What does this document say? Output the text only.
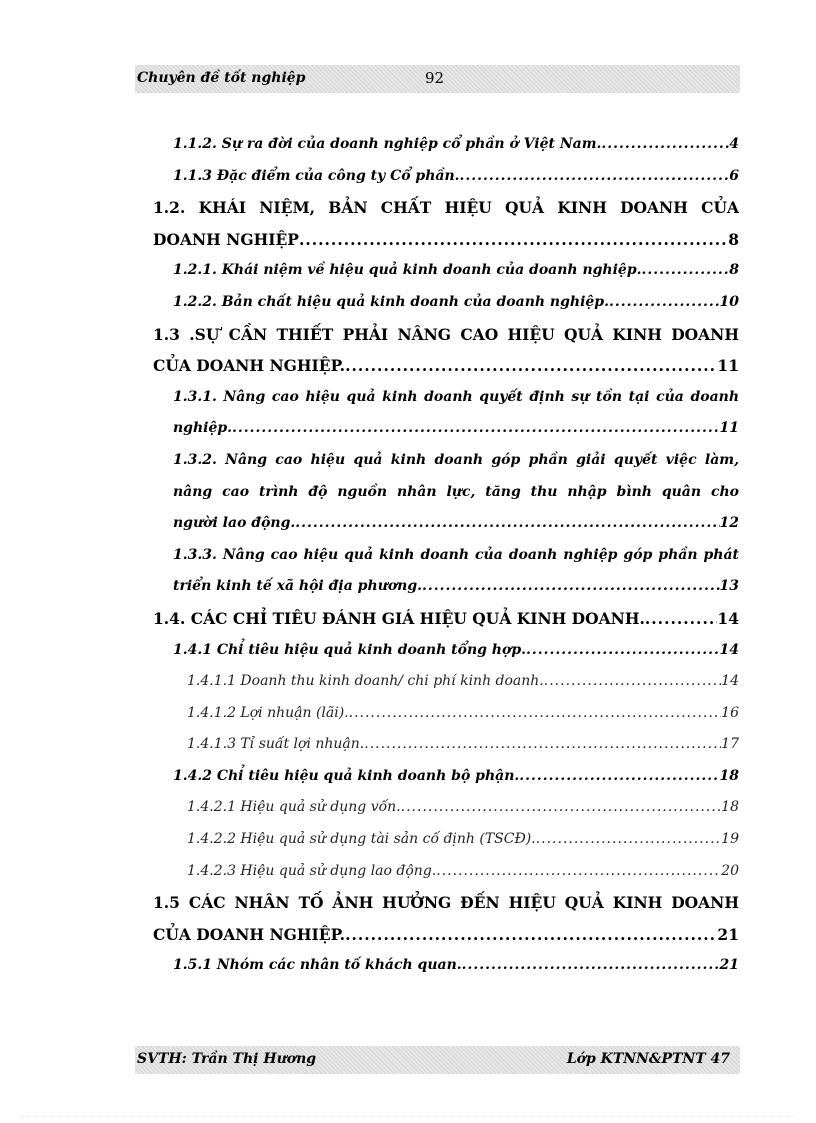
Chuyên đề tốt nghiệp	92
1.1.2. Sự ra đời của doanh nghiệp cổ phần ở Việt Nam. .....	4
1.1.3 Đặc điểm của công ty Cổ phần. .....	6
1.2. KHÁI NIỆM, BẢN CHẤT HIỆU QUẢ KINH DOANH CỦA
DOANH NGHIỆP .....	8
1.2.1. Khái niệm về hiệu quả kinh doanh của doanh nghiệp. .....	8
1.2.2. Bản chất hiệu quả kinh doanh của doanh nghiệp. .....	10
1.3 .SỰ CẦN THIẾT PHẢI NÂNG CAO HIỆU QUẢ KINH DOANH
CỦA DOANH NGHIỆP. .....	11
1.3.1. Nâng cao hiệu quả kinh doanh quyết định sự tồn tại của doanh
nghiệp. .....	11
1.3.2. Nâng cao hiệu quả kinh doanh góp phần giải quyết việc làm,
nâng cao trình độ nguồn nhân lực, tăng thu nhập bình quân cho
người lao động. .....	12
1.3.3. Nâng cao hiệu quả kinh doanh của doanh nghiệp góp phần phát
triển kinh tế xã hội địa phương. .....	13
1.4. CÁC CHỈ TIÊU ĐÁNH GIÁ HIỆU QUẢ KINH DOANH. .....	14
1.4.1 Chỉ tiêu hiệu quả kinh doanh tổng hợp. .....	14
1.4.1.1 Doanh thu kinh doanh/ chi phí kinh doanh. .....	14
1.4.1.2 Lợi nhuận (lãi). .....	16
1.4.1.3 Tỉ suất lợi nhuận. .....	17
1.4.2 Chỉ tiêu hiệu quả kinh doanh bộ phận. .....	18
1.4.2.1 Hiệu quả sử dụng vốn. .....	18
1.4.2.2 Hiệu quả sử dụng tài sản cố định (TSCĐ). .....	19
1.4.2.3 Hiệu quả sử dụng lao động. .....	20
1.5 CÁC NHÂN TỐ ẢNH HƯỞNG ĐẾN HIỆU QUẢ KINH DOANH
CỦA DOANH NGHIỆP. .....	21
1.5.1 Nhóm các nhân tố khách quan. .....	21
SVTH: Trần Thị Hương	Lớp KTNN&PTNT 47
